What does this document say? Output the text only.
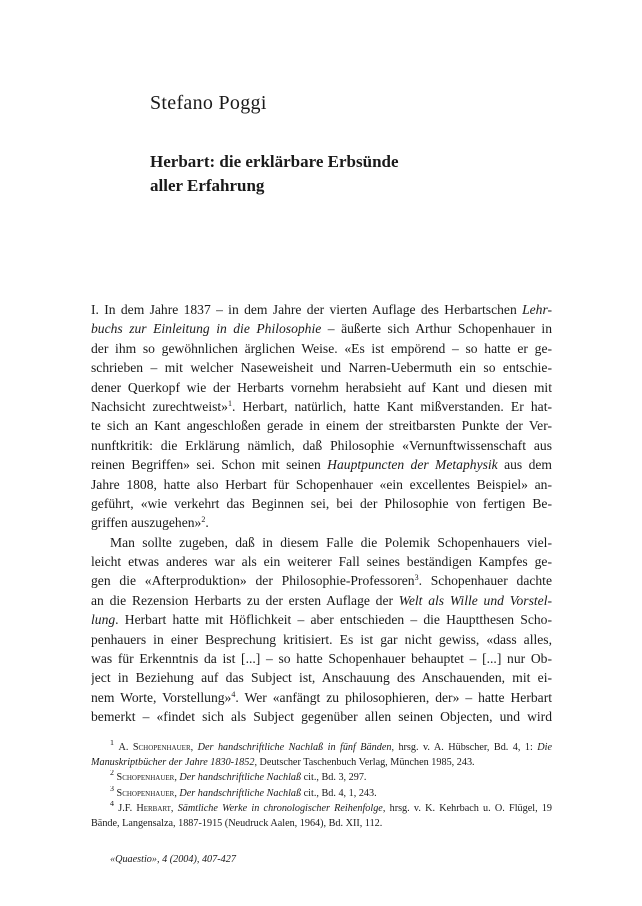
Stefano Poggi
Herbart: die erklärbare Erbsünde
aller Erfahrung
I. In dem Jahre 1837 – in dem Jahre der vierten Auflage des Herbartschen Lehr-
buchs zur Einleitung in die Philosophie – äußerte sich Arthur Schopenhauer in
der ihm so gewöhnlichen ärglichen Weise. «Es ist empörend – so hatte er ge-
schrieben – mit welcher Naseweisheit und Narren-Uebermuth ein so entschie-
dener Querkopf wie der Herbarts vornehm herabsieht auf Kant und diesen mit
Nachsicht zurechtweist»$^1$. Herbart, natürlich, hatte Kant mißverstanden. Er hat-
te sich an Kant angeschloßen gerade in einem der streitbarsten Punkte der Ver-
nunftkritik: die Erklärung nämlich, daß Philosophie «Vernunftwissenschaft aus
reinen Begriffen» sei. Schon mit seinen Hauptpuncten der Metaphysik aus dem
Jahre 1808, hatte also Herbart für Schopenhauer «ein excellentes Beispiel» an-
geführt, «wie verkehrt das Beginnen sei, bei der Philosophie von fertigen Be-
griffen auszugehen»$^2$.
Man sollte zugeben, daß in diesem Falle die Polemik Schopenhauers viel-
leicht etwas anderes war als ein weiterer Fall seines beständigen Kampfes ge-
gen die «Afterproduktion» der Philosophie-Professoren$^3$. Schopenhauer dachte
an die Rezension Herbarts zu der ersten Auflage der Welt als Wille und Vorstel-
lung. Herbart hatte mit Höflichkeit – aber entschieden – die Hauptthesen Scho-
penhauers in einer Besprechung kritisiert. Es ist gar nicht gewiss, «dass alles,
was für Erkenntnis da ist [...] – so hatte Schopenhauer behauptet – [...] nur Ob-
ject in Beziehung auf das Subject ist, Anschauung des Anschauenden, mit ei-
nem Worte, Vorstellung»$^4$. Wer «anfängt zu philosophieren, der» – hatte Herbart
bemerkt – «findet sich als Subject gegenüber allen seinen Objecten, und wird
$^1$ A. Schopenhauer, Der handschriftliche Nachlaß in fünf Bänden, hrsg. v. A. Hübscher, Bd. 4, 1: Die
Manuskriptbücher der Jahre 1830-1852, Deutscher Taschenbuch Verlag, München 1985, 243.
$^2$ Schopenhauer, Der handschriftliche Nachlaß cit., Bd. 3, 297.
$^3$ Schopenhauer, Der handschriftliche Nachlaß cit., Bd. 4, 1, 243.
$^4$ J.F. Herbart, Sämtliche Werke in chronologischer Reihenfolge, hrsg. v. K. Kehrbach u. O. Flügel, 19
Bände, Langensalza, 1887-1915 (Neudruck Aalen, 1964), Bd. XII, 112.
«Quaestio», 4 (2004), 407-427
